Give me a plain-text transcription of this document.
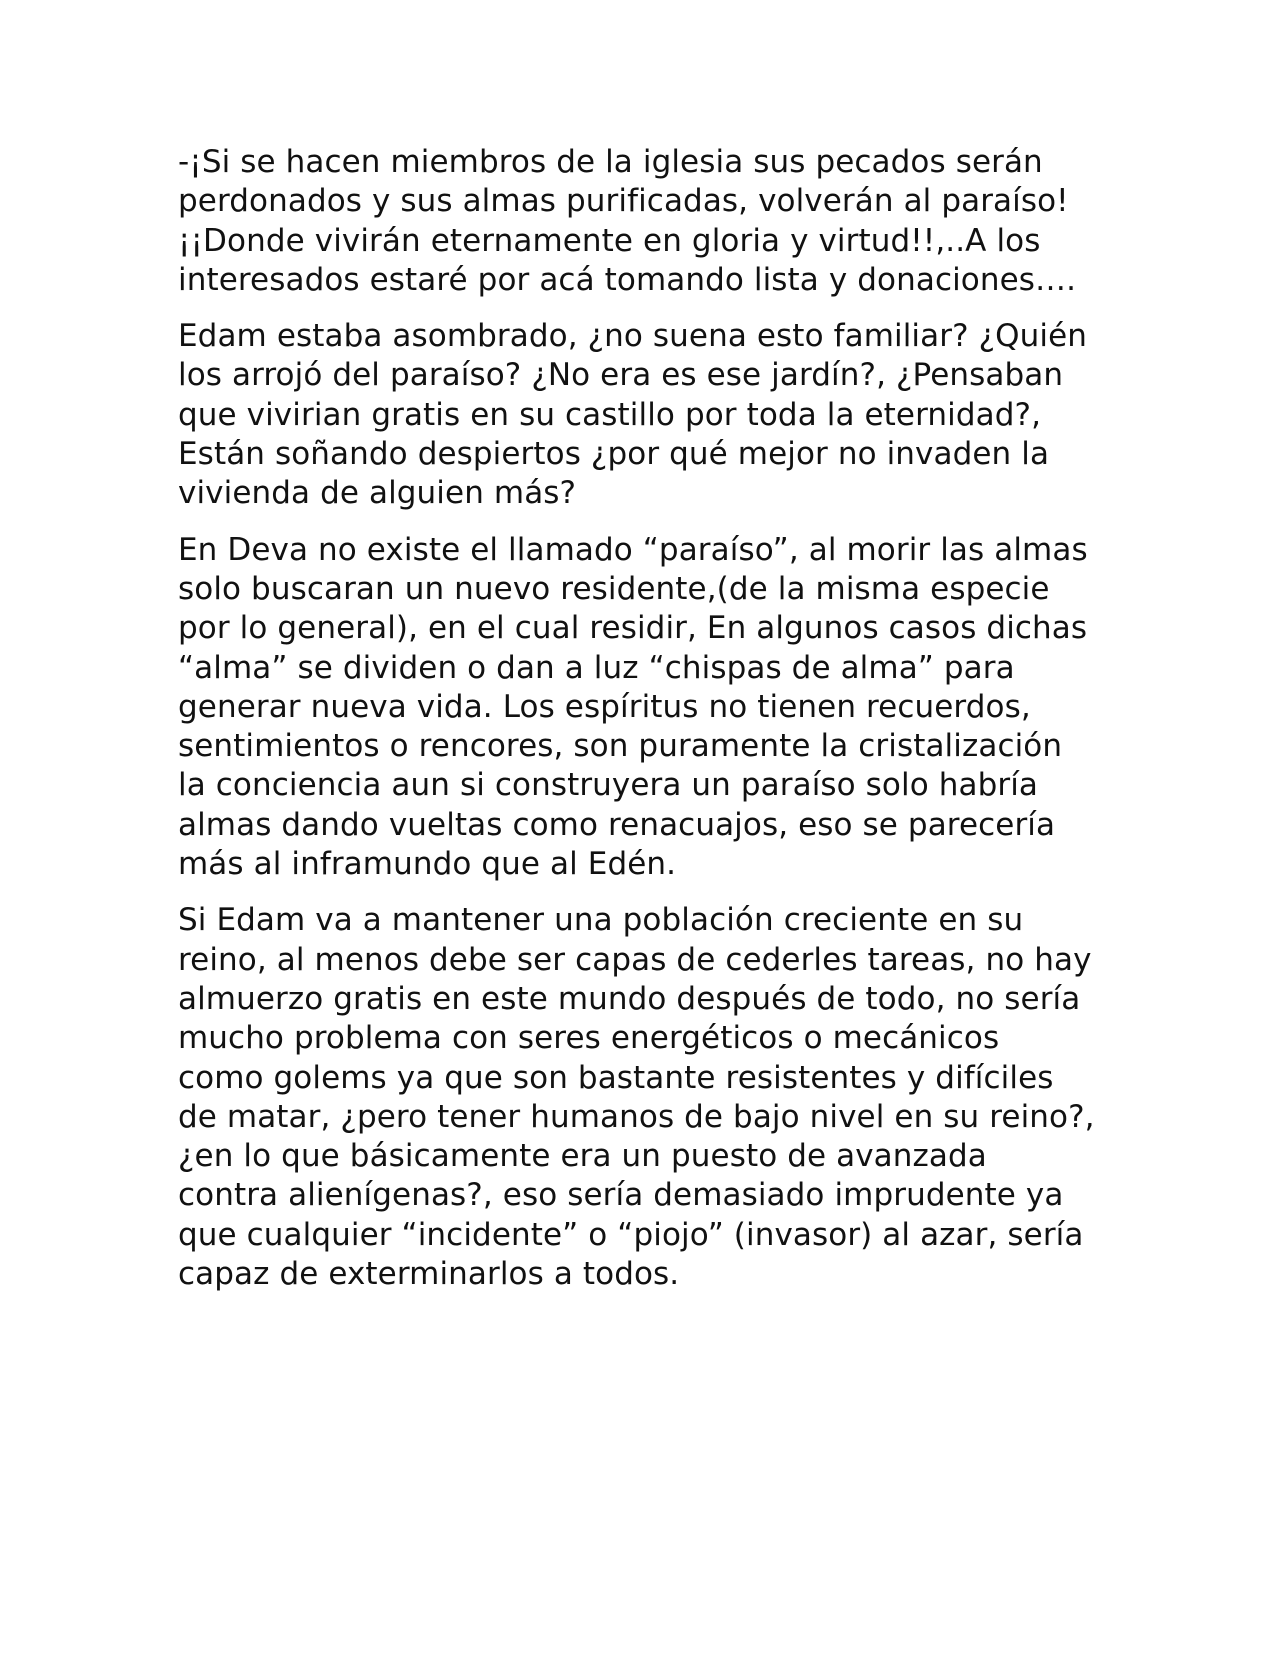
-¡Si se hacen miembros de la iglesia sus pecados serán
perdonados y sus almas purificadas, volverán al paraíso!
¡¡Donde vivirán eternamente en gloria y virtud!!,..A los
interesados estaré por acá tomando lista y donaciones….

Edam estaba asombrado, ¿no suena esto familiar? ¿Quién
los arrojó del paraíso? ¿No era es ese jardín?, ¿Pensaban
que vivirian gratis en su castillo por toda la eternidad?,
Están soñando despiertos ¿por qué mejor no invaden la
vivienda de alguien más?

En Deva no existe el llamado “paraíso”, al morir las almas
solo buscaran un nuevo residente,(de la misma especie
por lo general), en el cual residir, En algunos casos dichas
“alma” se dividen o dan a luz “chispas de alma” para
generar nueva vida. Los espíritus no tienen recuerdos,
sentimientos o rencores, son puramente la cristalización
la conciencia aun si construyera un paraíso solo habría
almas dando vueltas como renacuajos, eso se parecería
más al inframundo que al Edén.

Si Edam va a mantener una población creciente en su
reino, al menos debe ser capas de cederles tareas, no hay
almuerzo gratis en este mundo después de todo, no sería
mucho problema con seres energéticos o mecánicos
como golems ya que son bastante resistentes y difíciles
de matar, ¿pero tener humanos de bajo nivel en su reino?,
¿en lo que básicamente era un puesto de avanzada
contra alienígenas?, eso sería demasiado imprudente ya
que cualquier “incidente” o “piojo” (invasor) al azar, sería
capaz de exterminarlos a todos.
